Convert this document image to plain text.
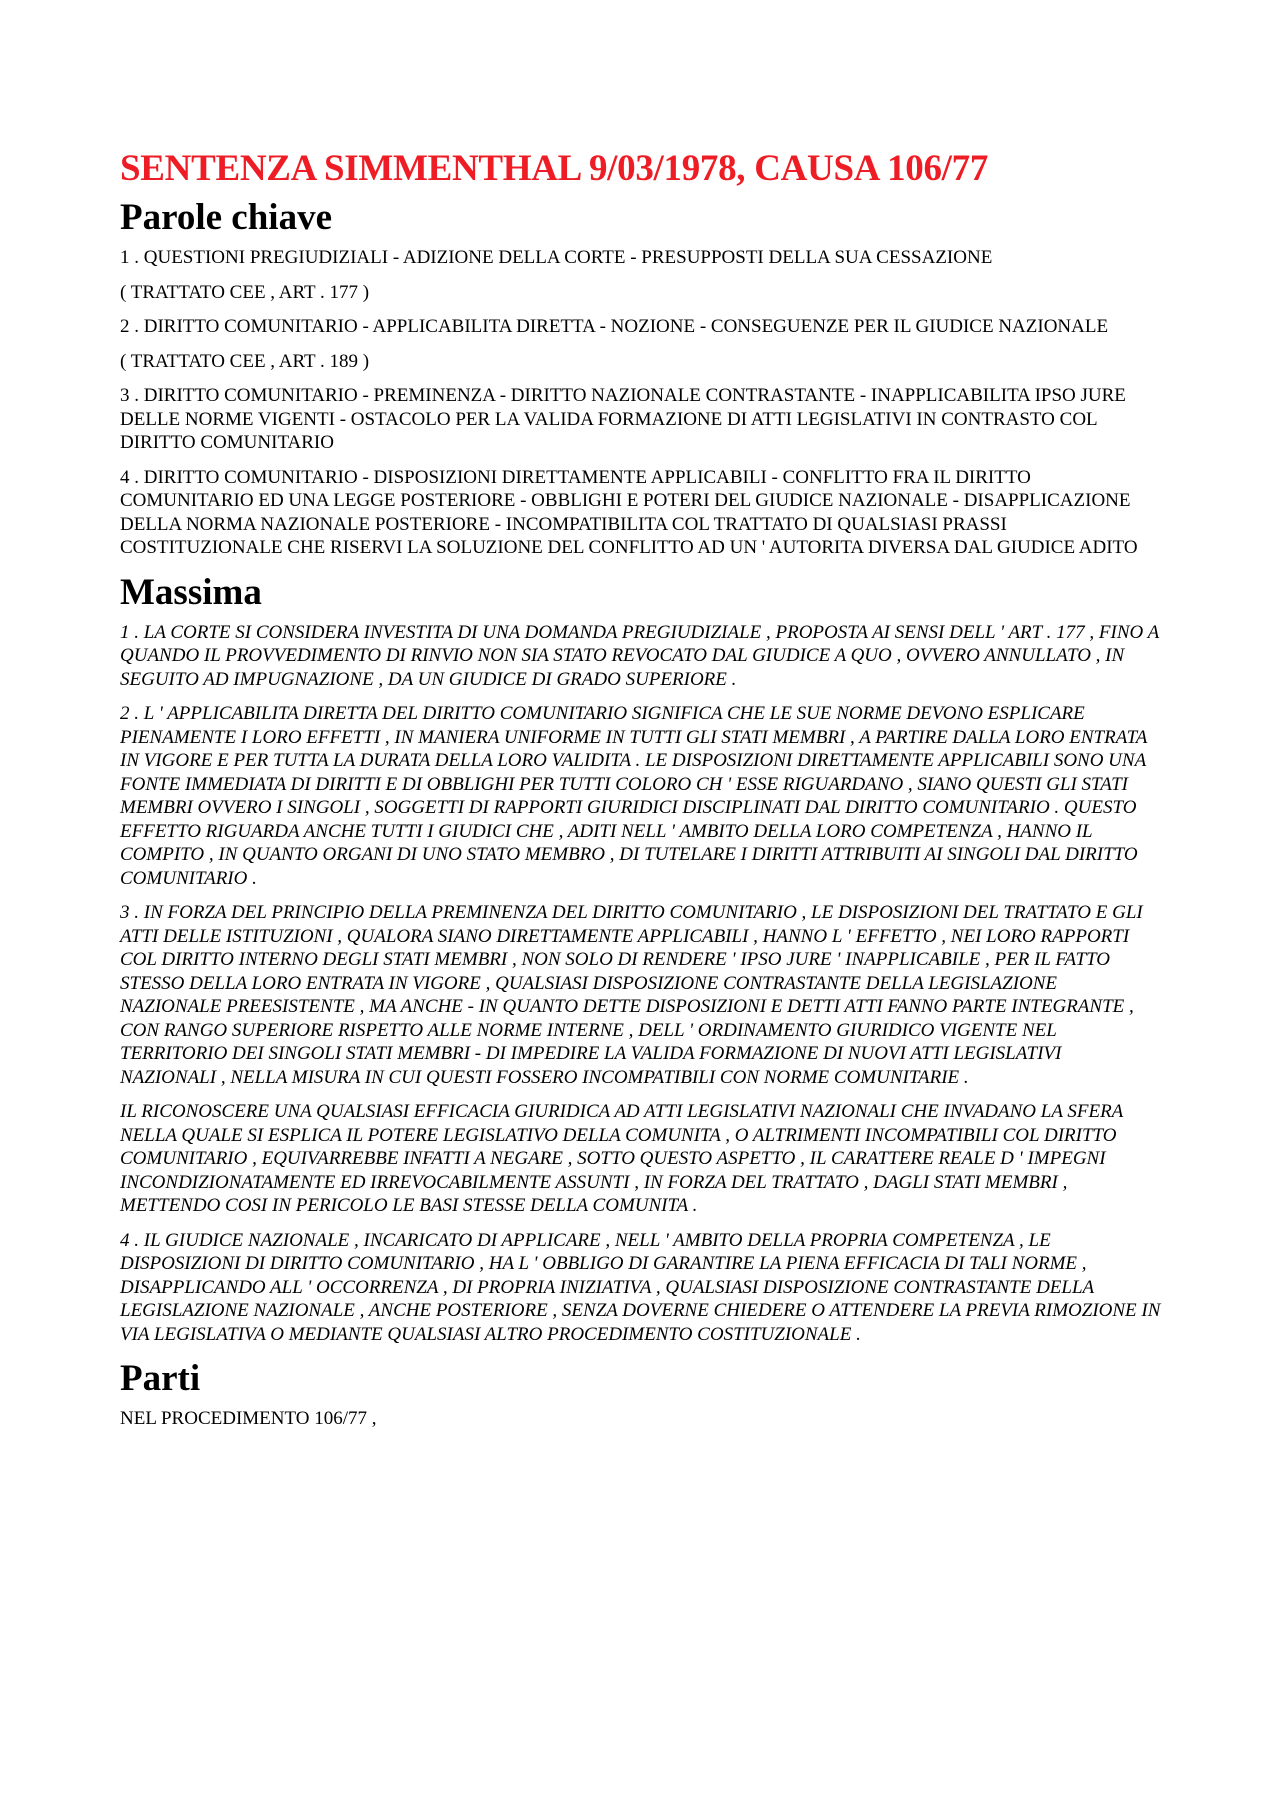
SENTENZA SIMMENTHAL 9/03/1978, CAUSA 106/77
Parole chiave

1 . QUESTIONI PREGIUDIZIALI - ADIZIONE DELLA CORTE - PRESUPPOSTI DELLA SUA CESSAZIONE

( TRATTATO CEE , ART . 177 )

2 . DIRITTO COMUNITARIO - APPLICABILITA DIRETTA - NOZIONE - CONSEGUENZE PER IL GIUDICE NAZIONALE

( TRATTATO CEE , ART . 189 )

3 . DIRITTO COMUNITARIO - PREMINENZA - DIRITTO NAZIONALE CONTRASTANTE - INAPPLICABILITA IPSO JURE DELLE NORME VIGENTI - OSTACOLO PER LA VALIDA FORMAZIONE DI ATTI LEGISLATIVI IN CONTRASTO COL DIRITTO COMUNITARIO

4 . DIRITTO COMUNITARIO - DISPOSIZIONI DIRETTAMENTE APPLICABILI - CONFLITTO FRA IL DIRITTO COMUNITARIO ED UNA LEGGE POSTERIORE - OBBLIGHI E POTERI DEL GIUDICE NAZIONALE - DISAPPLICAZIONE DELLA NORMA NAZIONALE POSTERIORE - INCOMPATIBILITA COL TRATTATO DI QUALSIASI PRASSI COSTITUZIONALE CHE RISERVI LA SOLUZIONE DEL CONFLITTO AD UN ' AUTORITA DIVERSA DAL GIUDICE ADITO

Massima

1 . LA CORTE SI CONSIDERA INVESTITA DI UNA DOMANDA PREGIUDIZIALE , PROPOSTA AI SENSI DELL ' ART . 177 , FINO A QUANDO IL PROVVEDIMENTO DI RINVIO NON SIA STATO REVOCATO DAL GIUDICE A QUO , OVVERO ANNULLATO , IN SEGUITO AD IMPUGNAZIONE , DA UN GIUDICE DI GRADO SUPERIORE .

2 . L ' APPLICABILITA DIRETTA DEL DIRITTO COMUNITARIO SIGNIFICA CHE LE SUE NORME DEVONO ESPLICARE PIENAMENTE I LORO EFFETTI , IN MANIERA UNIFORME IN TUTTI GLI STATI MEMBRI , A PARTIRE DALLA LORO ENTRATA IN VIGORE E PER TUTTA LA DURATA DELLA LORO VALIDITA . LE DISPOSIZIONI DIRETTAMENTE APPLICABILI SONO UNA FONTE IMMEDIATA DI DIRITTI E DI OBBLIGHI PER TUTTI COLORO CH ' ESSE RIGUARDANO , SIANO QUESTI GLI STATI MEMBRI OVVERO I SINGOLI , SOGGETTI DI RAPPORTI GIURIDICI DISCIPLINATI DAL DIRITTO COMUNITARIO . QUESTO EFFETTO RIGUARDA ANCHE TUTTI I GIUDICI CHE , ADITI NELL ' AMBITO DELLA LORO COMPETENZA , HANNO IL COMPITO , IN QUANTO ORGANI DI UNO STATO MEMBRO , DI TUTELARE I DIRITTI ATTRIBUITI AI SINGOLI DAL DIRITTO COMUNITARIO .

3 . IN FORZA DEL PRINCIPIO DELLA PREMINENZA DEL DIRITTO COMUNITARIO , LE DISPOSIZIONI DEL TRATTATO E GLI ATTI DELLE ISTITUZIONI , QUALORA SIANO DIRETTAMENTE APPLICABILI , HANNO L ' EFFETTO , NEI LORO RAPPORTI COL DIRITTO INTERNO DEGLI STATI MEMBRI , NON SOLO DI RENDERE ' IPSO JURE ' INAPPLICABILE , PER IL FATTO STESSO DELLA LORO ENTRATA IN VIGORE , QUALSIASI DISPOSIZIONE CONTRASTANTE DELLA LEGISLAZIONE NAZIONALE PREESISTENTE , MA ANCHE - IN QUANTO DETTE DISPOSIZIONI E DETTI ATTI FANNO PARTE INTEGRANTE , CON RANGO SUPERIORE RISPETTO ALLE NORME INTERNE , DELL ' ORDINAMENTO GIURIDICO VIGENTE NEL TERRITORIO DEI SINGOLI STATI MEMBRI - DI IMPEDIRE LA VALIDA FORMAZIONE DI NUOVI ATTI LEGISLATIVI NAZIONALI , NELLA MISURA IN CUI QUESTI FOSSERO INCOMPATIBILI CON NORME COMUNITARIE .

IL RICONOSCERE UNA QUALSIASI EFFICACIA GIURIDICA AD ATTI LEGISLATIVI NAZIONALI CHE INVADANO LA SFERA NELLA QUALE SI ESPLICA IL POTERE LEGISLATIVO DELLA COMUNITA , O ALTRIMENTI INCOMPATIBILI COL DIRITTO COMUNITARIO , EQUIVARREBBE INFATTI A NEGARE , SOTTO QUESTO ASPETTO , IL CARATTERE REALE D ' IMPEGNI INCONDIZIONATAMENTE ED IRREVOCABILMENTE ASSUNTI , IN FORZA DEL TRATTATO , DAGLI STATI MEMBRI , METTENDO COSI IN PERICOLO LE BASI STESSE DELLA COMUNITA .

4 . IL GIUDICE NAZIONALE , INCARICATO DI APPLICARE , NELL ' AMBITO DELLA PROPRIA COMPETENZA , LE DISPOSIZIONI DI DIRITTO COMUNITARIO , HA L ' OBBLIGO DI GARANTIRE LA PIENA EFFICACIA DI TALI NORME , DISAPPLICANDO ALL ' OCCORRENZA , DI PROPRIA INIZIATIVA , QUALSIASI DISPOSIZIONE CONTRASTANTE DELLA LEGISLAZIONE NAZIONALE , ANCHE POSTERIORE , SENZA DOVERNE CHIEDERE O ATTENDERE LA PREVIA RIMOZIONE IN VIA LEGISLATIVA O MEDIANTE QUALSIASI ALTRO PROCEDIMENTO COSTITUZIONALE .

Parti

NEL PROCEDIMENTO 106/77 ,
